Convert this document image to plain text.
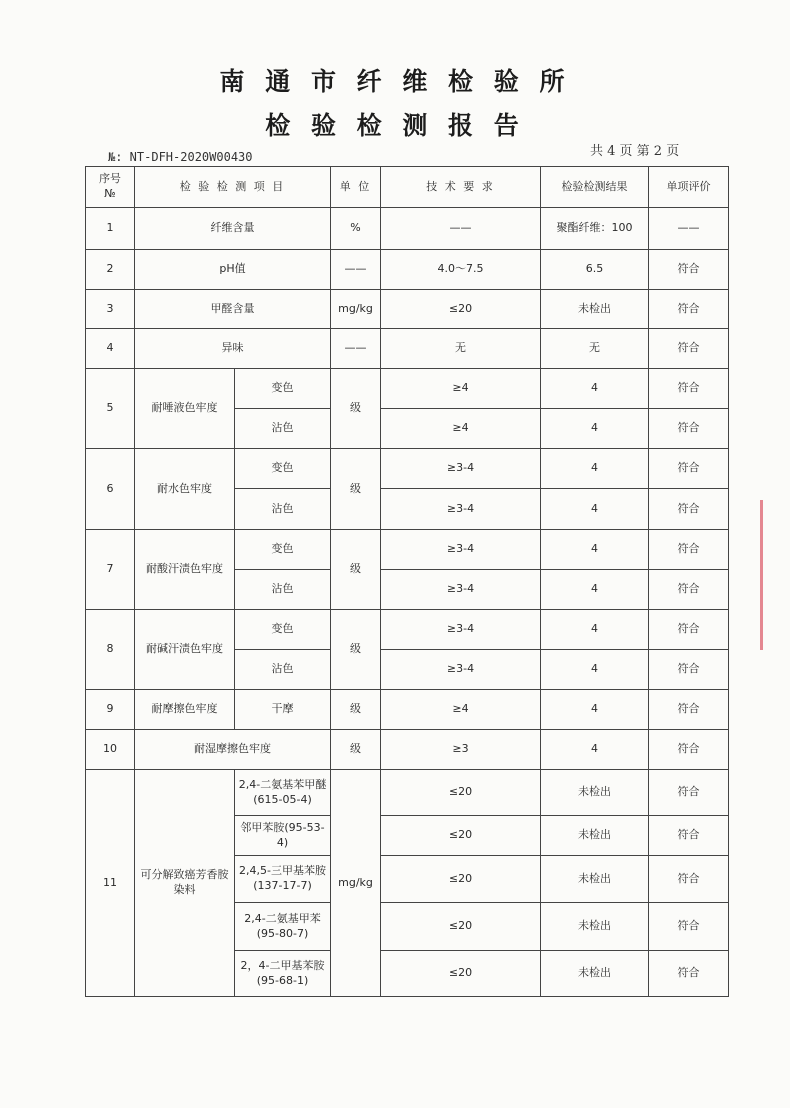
南 通 市 纤 维 检 验 所
检 验 检 测 报 告
№: NT-DFH-2020W00430	共 4 页 第 2 页
序号
№	检 验 检 测 项 目		单 位	技 术 要 求	检验检测结果	单项评价
1	纤维含量		%	——	聚酯纤维：100	——
2	pH值		——	4.0～7.5	6.5	符合
3	甲醛含量		mg/kg	≤20	未检出	符合
4	异味		——	无	无	符合
5	耐唾液色牢度	变色	级	≥4	4	符合
		沾色		≥4	4	符合
6	耐水色牢度	变色	级	≥3-4	4	符合
		沾色		≥3-4	4	符合
7	耐酸汗渍色牢度	变色	级	≥3-4	4	符合
		沾色		≥3-4	4	符合
8	耐碱汗渍色牢度	变色	级	≥3-4	4	符合
		沾色		≥3-4	4	符合
9	耐摩擦色牢度	干摩	级	≥4	4	符合
10	耐湿摩擦色牢度		级	≥3	4	符合
11	可分解致癌芳香胺染料	2,4-二氨基苯甲醚(615-05-4)	mg/kg	≤20	未检出	符合
		邻甲苯胺(95-53-4)		≤20	未检出	符合
		2,4,5-三甲基苯胺(137-17-7)		≤20	未检出	符合
		2,4-二氨基甲苯(95-80-7)		≤20	未检出	符合
		2，4-二甲基苯胺(95-68-1)		≤20	未检出	符合
